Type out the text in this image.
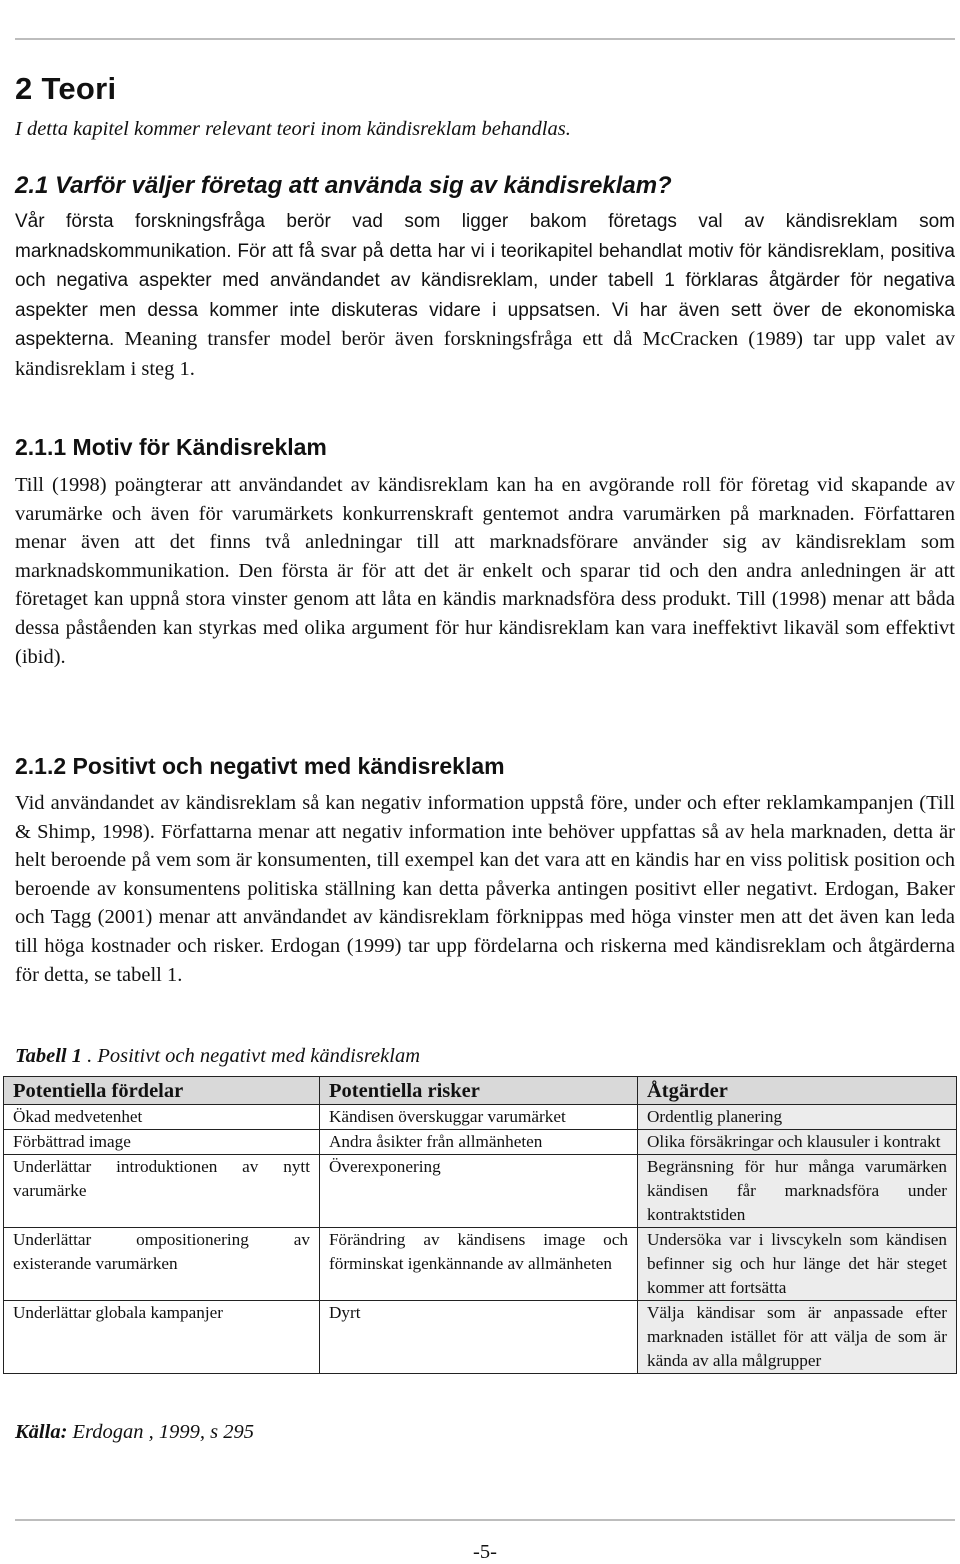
2 Teori

I detta kapitel kommer relevant teori inom kändisreklam behandlas.

2.1 Varför väljer företag att använda sig av kändisreklam?

Vår första forskningsfråga berör vad som ligger bakom företags val av kändisreklam som marknadskommunikation. För att få svar på detta har vi i teorikapitel behandlat motiv för kändisreklam, positiva och negativa aspekter med användandet av kändisreklam, under tabell 1 förklaras åtgärder för negativa aspekter men dessa kommer inte diskuteras vidare i uppsatsen. Vi har även sett över de ekonomiska aspekterna. Meaning transfer model berör även forskningsfråga ett då McCracken (1989) tar upp valet av kändisreklam i steg 1.

2.1.1 Motiv för Kändisreklam

Till (1998) poängterar att användandet av kändisreklam kan ha en avgörande roll för företag vid skapande av varumärke och även för varumärkets konkurrenskraft gentemot andra varumärken på marknaden. Författaren menar även att det finns två anledningar till att marknadsförare använder sig av kändisreklam som marknadskommunikation. Den första är för att det är enkelt och sparar tid och den andra anledningen är att företaget kan uppnå stora vinster genom att låta en kändis marknadsföra dess produkt. Till (1998) menar att båda dessa påståenden kan styrkas med olika argument för hur kändisreklam kan vara ineffektivt likaväl som effektivt (ibid).

2.1.2 Positivt och negativt med kändisreklam

Vid användandet av kändisreklam så kan negativ information uppstå före, under och efter reklamkampanjen (Till & Shimp, 1998). Författarna menar att negativ information inte behöver uppfattas så av hela marknaden, detta är helt beroende på vem som är konsumenten, till exempel kan det vara att en kändis har en viss politisk position och beroende av konsumentens politiska ställning kan detta påverka antingen positivt eller negativt. Erdogan, Baker och Tagg (2001) menar att användandet av kändisreklam förknippas med höga vinster men att det även kan leda till höga kostnader och risker. Erdogan (1999) tar upp fördelarna och riskerna med kändisreklam och åtgärderna för detta, se tabell 1.

Tabell 1 . Positivt och negativt med kändisreklam

Potentiella fördelar	Potentiella risker	Åtgärder
Ökad medvetenhet	Kändisen överskuggar varumärket	Ordentlig planering
Förbättrad image	Andra åsikter från allmänheten	Olika försäkringar och klausuler i kontrakt
Underlättar introduktionen av nytt varumärke	Överexponering	Begränsning för hur många varumärken kändisen får marknadsföra under kontraktstiden
Underlättar ompositionering av existerande varumärken	Förändring av kändisens image och förminskat igenkännande av allmänheten	Undersöka var i livscykeln som kändisen befinner sig och hur länge det här steget kommer att fortsätta
Underlättar globala kampanjer	Dyrt	Välja kändisar som är anpassade efter marknaden istället för att välja de som är kända av alla målgrupper

Källa: Erdogan , 1999, s 295

-5-
